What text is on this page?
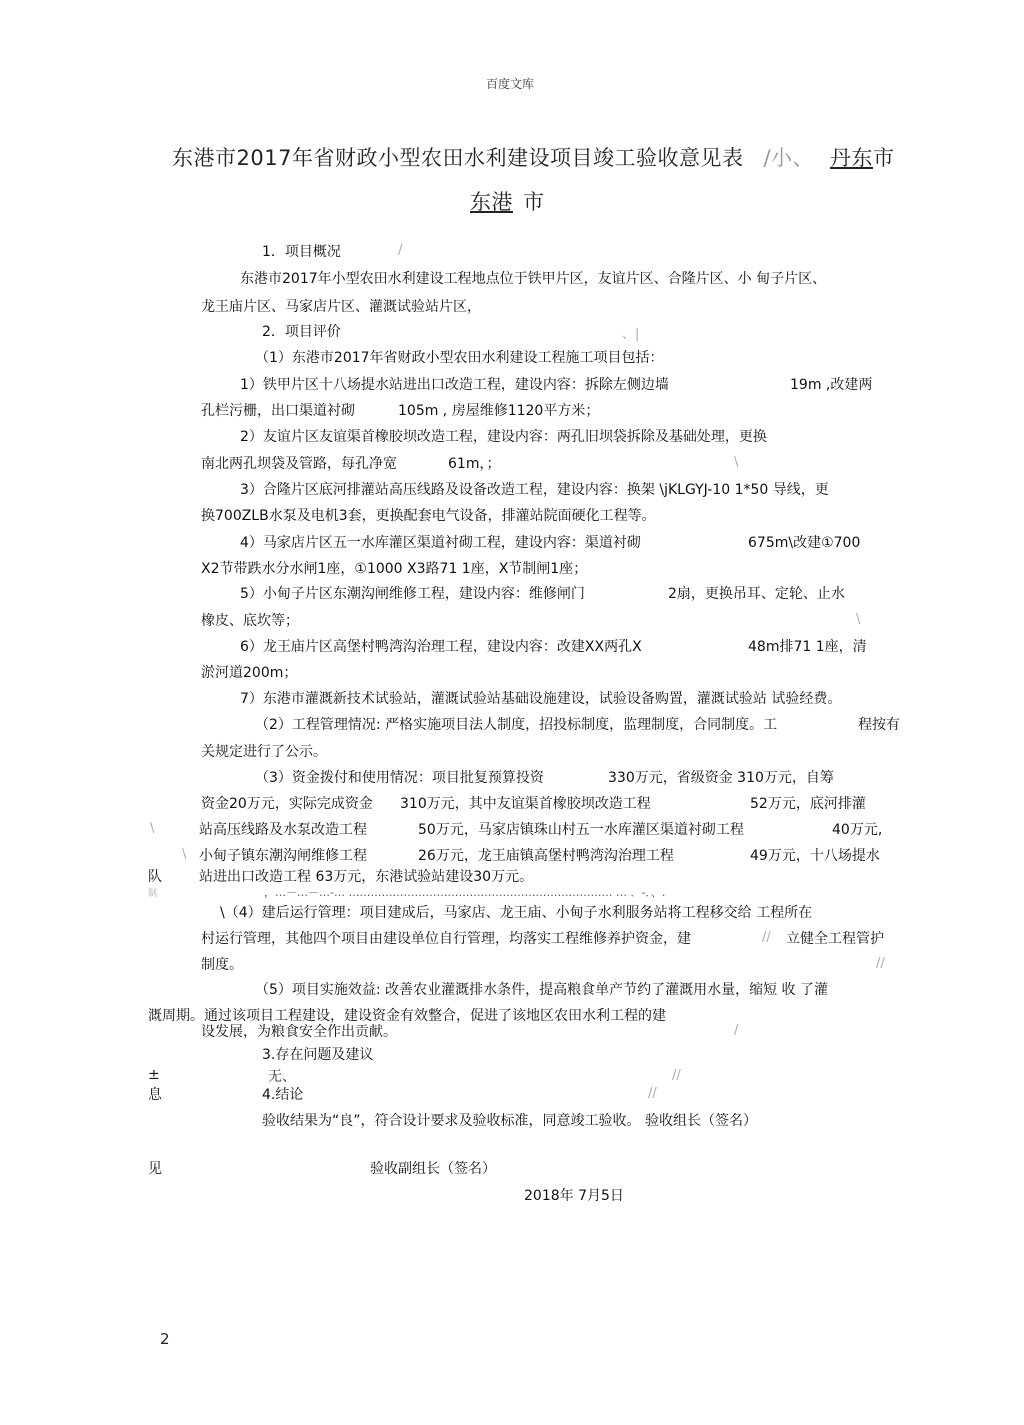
百度文库
东港市2017年省财政小型农田水利建设项目竣工验收意见表 /小、 丹东市
东港 市
1．项目概况	/
东港市2017年小型农田水利建设工程地点位于铁甲片区，友谊片区、合隆片区、小 甸子片区、
龙王庙片区、马家店片区、灌溉试验站片区，
2．项目评价	、|
（1）东港市2017年省财政小型农田水利建设工程施工项目包括：
1）铁甲片区十八场提水站进出口改造工程，建设内容：拆除左侧边墙	19m ,改建两
孔栏污栅，出口渠道衬砌	105m , 房屋维修1120平方米；
2）友谊片区友谊渠首橡胶坝改造工程，建设内容：两孔旧坝袋拆除及基础处理，更换
南北两孔坝袋及管路，每孔净宽	61m，；	\
3）合隆片区底河排灌站高压线路及设备改造工程，建设内容：换架 \jKLGYJ-10 1*50 导线，更
换700ZLB水泵及电机3套，更换配套电气设备，排灌站院面硬化工程等。
4）马家店片区五一水库灌区渠道衬砌工程，建设内容：渠道衬砌	675m\改建①700
X2节带跌水分水闸1座，①1000 X3路71 1座，X节制闸1座；
5）小甸子片区东潮沟闸维修工程，建设内容：维修闸门	2扇，更换吊耳、定轮、止水
橡皮、底坎等；	\
6）龙王庙片区高堡村鸭湾沟治理工程，建设内容：改建XX两孔X	48m排71 1座，清
淤河道200m；
7）东港市灌溉新技术试验站，灌溉试验站基础设施建设，试验设备购置，灌溉试验站 试验经费。
（2）工程管理情况: 严格实施项目法人制度，招投标制度，监理制度，合同制度。工	程按有
关规定进行了公示。
（3）资金拨付和使用情况：项目批复预算投资	330万元，省级资金 310万元，自筹
资金20万元，实际完成资金 310万元，其中友谊渠首橡胶坝改造工程	52万元，底河排灌
\	站高压线路及水泵改造工程	50万元，马家店镇珠山村五一水库灌区渠道衬砌工程	40万元,
\ 小甸子镇东潮沟闸维修工程	26万元，龙王庙镇高堡村鸭湾沟治理工程	49万元，十八场提水
队	站进出口改造工程 63万元，东港试验站建设30万元。
制	，…－…－…-… ……………………………………………………………… … ．-．、.
\（4）建后运行管理：项目建成后，马家店、龙王庙、小甸子水利服务站将工程移交给 工程所在
村运行管理，其他四个项目由建设单位自行管理，均落实工程维修养护资金，建	// 立健全工程管护
制度。	//
（5）项目实施效益: 改善农业灌溉排水条件，提高粮食单产节约了灌溉用水量，缩短 收 了灌
溉周期。通过该项目工程建设，建设资金有效整合，促进了该地区农田水利工程的建
设发展，为粮食安全作出贡献。	/
3.存在问题及建议
±	无、	//
息	4.结论	//
验收结果为“良”，符合设计要求及验收标准，同意竣工验收。 验收组长（签名）
见	验收副组长（签名）
2018年 7月5日
2
